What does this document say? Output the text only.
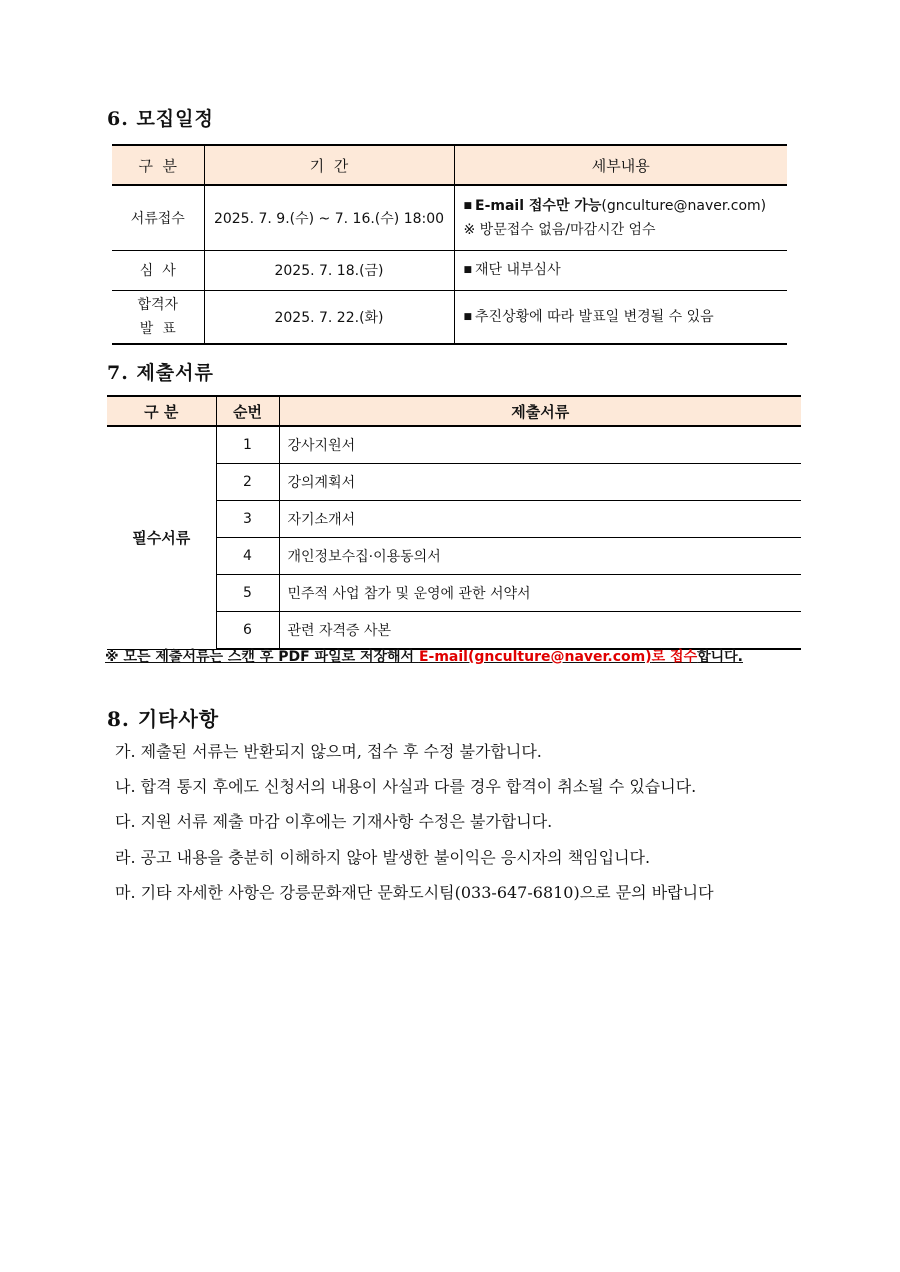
6. 모집일정
구  분	기  간	세부내용
서류접수	2025. 7. 9.(수) ~ 7. 16.(수) 18:00	■ E-mail 접수만 가능(gnculture@naver.com)
※ 방문접수 없음/마감시간 엄수

심  사	2025. 7. 18.(금)	■ 재단 내부심사

합격자
발  표	2025. 7. 22.(화)	■ 추진상황에 따라 발표일 변경될 수 있음
7. 제출서류
구 분	순번	제출서류
필수서류	1	강사지원서
	2	강의계획서
	3	자기소개서
	4	개인정보수집·이용동의서
	5	민주적 사업 참가 및 운영에 관한 서약서
	6	관련 자격증 사본
※ 모든 제출서류는 스캔 후 PDF 파일로 저장해서 E-mail(gnculture@naver.com)로 접수합니다.
8. 기타사항
가. 제출된 서류는 반환되지 않으며, 접수 후 수정 불가합니다.
나. 합격 통지 후에도 신청서의 내용이 사실과 다를 경우 합격이 취소될 수 있습니다.
다. 지원 서류 제출 마감 이후에는 기재사항 수정은 불가합니다.
라. 공고 내용을 충분히 이해하지 않아 발생한 불이익은 응시자의 책임입니다.
마. 기타 자세한 사항은 강릉문화재단 문화도시팀(033-647-6810)으로 문의 바랍니다
